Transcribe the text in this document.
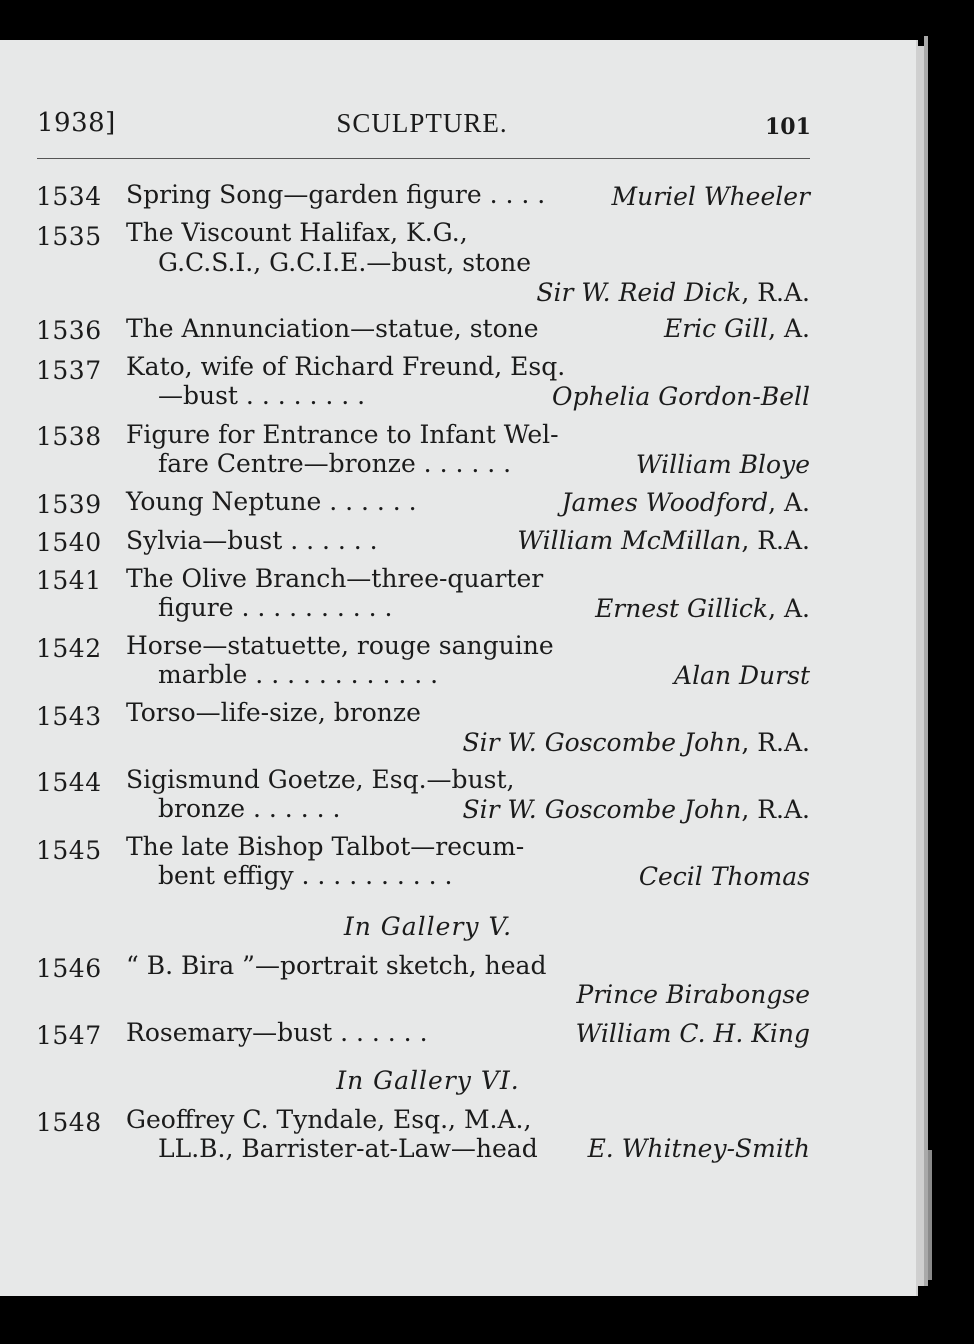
1938]	SCULPTURE.	101
1534 Spring Song—garden figure . . . .	Muriel Wheeler
1535 The Viscount Halifax, K.G.,
G.C.S.I., G.C.I.E.—bust, stone
Sir W. Reid Dick, R.A.
1536 The Annunciation—statue, stone	Eric Gill, A.
1537 Kato, wife of Richard Freund, Esq.
—bust . . . . . . . .	Ophelia Gordon-Bell
1538 Figure for Entrance to Infant Wel-
fare Centre—bronze . . . . . .	William Bloye
1539 Young Neptune . . . . . .	James Woodford, A.
1540 Sylvia—bust . . . . . .	William McMillan, R.A.
1541 The Olive Branch—three-quarter
figure . . . . . . . . . .	Ernest Gillick, A.
1542 Horse—statuette, rouge sanguine
marble . . . . . . . . . . . .	Alan Durst
1543 Torso—life-size, bronze
Sir W. Goscombe John, R.A.
1544 Sigismund Goetze, Esq.—bust,
bronze . . . . . .	Sir W. Goscombe John, R.A.
1545 The late Bishop Talbot—recum-
bent effigy . . . . . . . . . .	Cecil Thomas
In Gallery V.
1546 “ B. Bira ”—portrait sketch, head
Prince Birabongse
1547 Rosemary—bust . . . . . .	William C. H. King
In Gallery VI.
1548 Geoffrey C. Tyndale, Esq., M.A.,
LL.B., Barrister-at-Law—head E. Whitney-Smith
